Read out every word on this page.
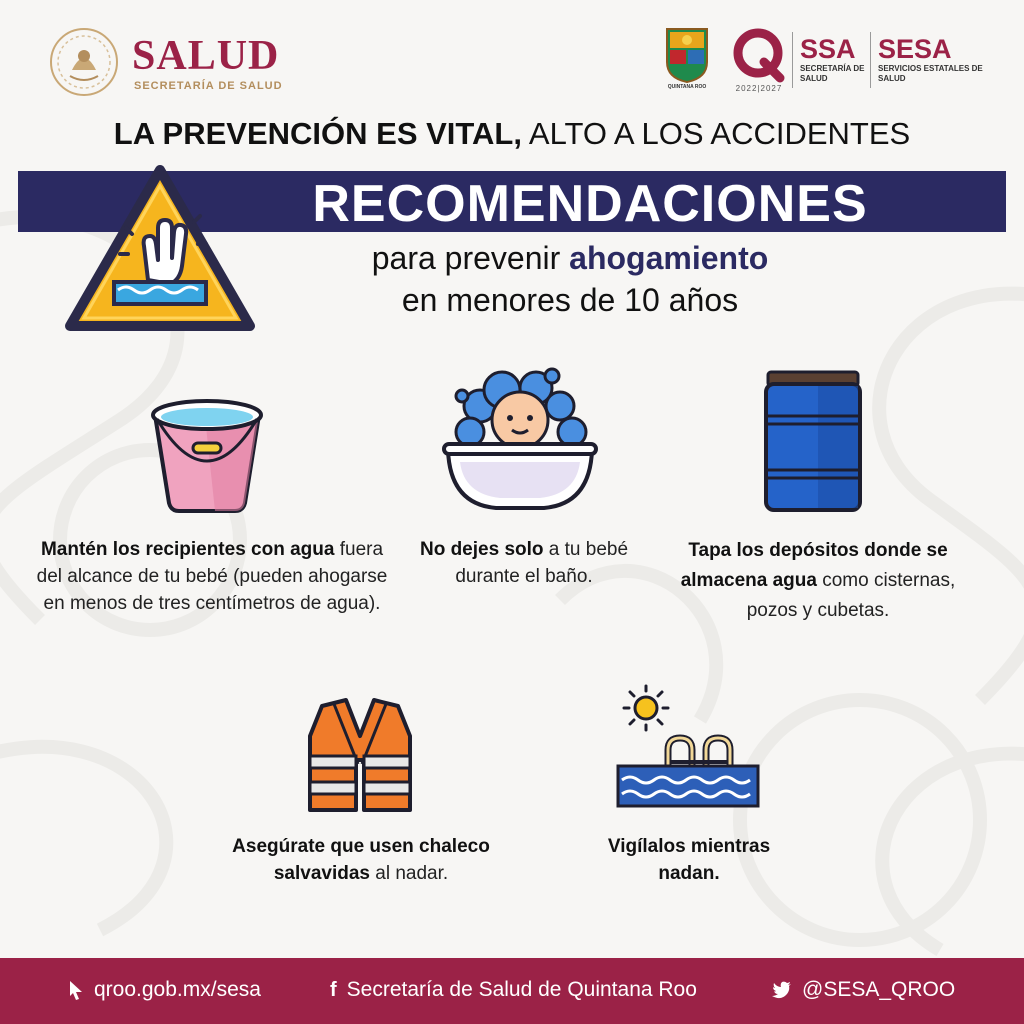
SALUD
SECRETARÍA DE SALUD	QUINTANA ROO	2022|2027
SSA
SECRETARÍA DE SALUD
SESA
SERVICIOS ESTATALES DE SALUD
LA PREVENCIÓN ES VITAL, ALTO A LOS ACCIDENTES
RECOMENDACIONES
para prevenir ahogamiento
en menores de 10 años
Mantén los recipientes con agua fuera del alcance de tu bebé (pueden ahogarse en menos de tres centímetros de agua).
No dejes solo a tu bebé durante el baño.
Tapa los depósitos donde se almacena agua como cisternas, pozos y cubetas.
Asegúrate que usen chaleco salvavidas al nadar.
Vigílalos mientras nadan.
qroo.gob.mx/sesa	f Secretaría de Salud de Quintana Roo	@SESA_QROO
